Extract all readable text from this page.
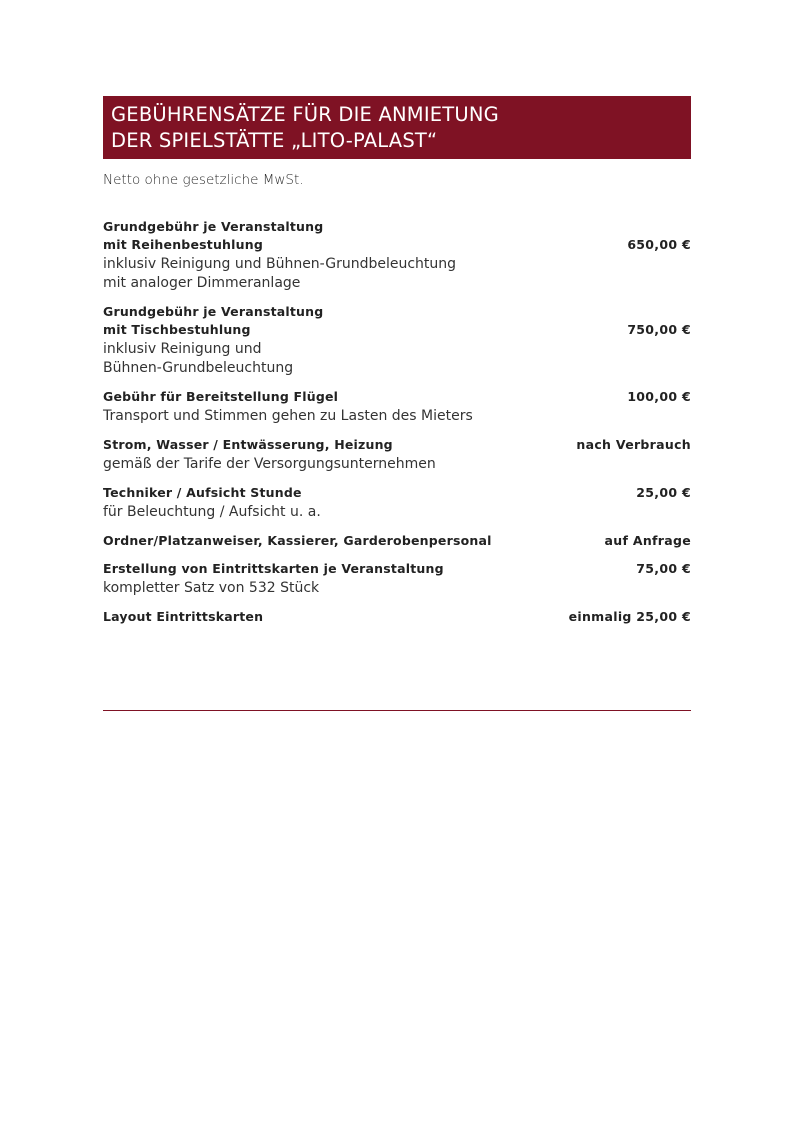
GEBÜHRENSÄTZE FÜR DIE ANMIETUNG
DER SPIELSTÄTTE „LITO-PALAST“
Netto ohne gesetzliche MwSt.
Grundgebühr je Veranstaltung
mit Reihenbestuhlung	650,00 €
inklusiv Reinigung und Bühnen-Grundbeleuchtung
mit analoger Dimmeranlage
Grundgebühr je Veranstaltung
mit Tischbestuhlung	750,00 €
inklusiv Reinigung und
Bühnen-Grundbeleuchtung
Gebühr für Bereitstellung Flügel	100,00 €
Transport und Stimmen gehen zu Lasten des Mieters
Strom, Wasser / Entwässerung, Heizung	nach Verbrauch
gemäß der Tarife der Versorgungsunternehmen
Techniker / Aufsicht Stunde	25,00 €
für Beleuchtung / Aufsicht u. a.
Ordner/Platzanweiser, Kassierer, Garderobenpersonal	auf Anfrage
Erstellung von Eintrittskarten je Veranstaltung	75,00 €
kompletter Satz von 532 Stück
Layout Eintrittskarten	einmalig 25,00 €
